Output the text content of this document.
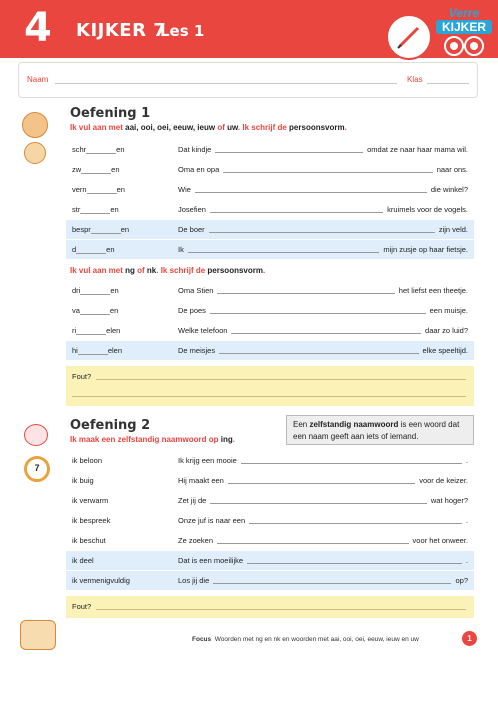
4 KIJKER 7
Les 1
Verre
KIJKER
Naam	Klas
Oefening 1
Ik vul aan met aai, ooi, oei, eeuw, ieuw of uw. Ik schrijf de persoonsvorm.
schr	en	Dat kindje	omdat ze naar haar mama wil.
zw	en	Oma en opa	naar ons.
vern	en	Wie	die winkel?
str	en	Josefien	kruimels voor de vogels.
bespr	en	De boer	zijn veld.
d	en	Ik	mijn zusje op haar fietsje.
Ik vul aan met ng of nk. Ik schrijf de persoonsvorm.
dri	en	Oma Stien	het liefst een theetje.
va	en	De poes	een muisje.
ri	elen	Welke telefoon	daar zo luid?
hi	elen	De meisjes	elke speeltijd.
Fout?
7
Oefening 2
Ik maak een zelfstandig naamwoord op ing.
Een zelfstandig naamwoord is een woord dat een naam geeft aan iets of iemand.
ik beloon	Ik krijg een mooie	.
ik buig	Hij maakt een	voor de keizer.
ik verwarm	Zet jij de	wat hoger?
ik bespreek	Onze juf is naar een	.
ik beschut	Ze zoeken	voor het onweer.
ik deel	Dat is een moeilijke	.
ik vermenigvuldig	Los jij die	op?
Fout?
Focus Woorden met ng en nk en woorden met aai, ooi, oei, eeuw, ieuw en uw	1
